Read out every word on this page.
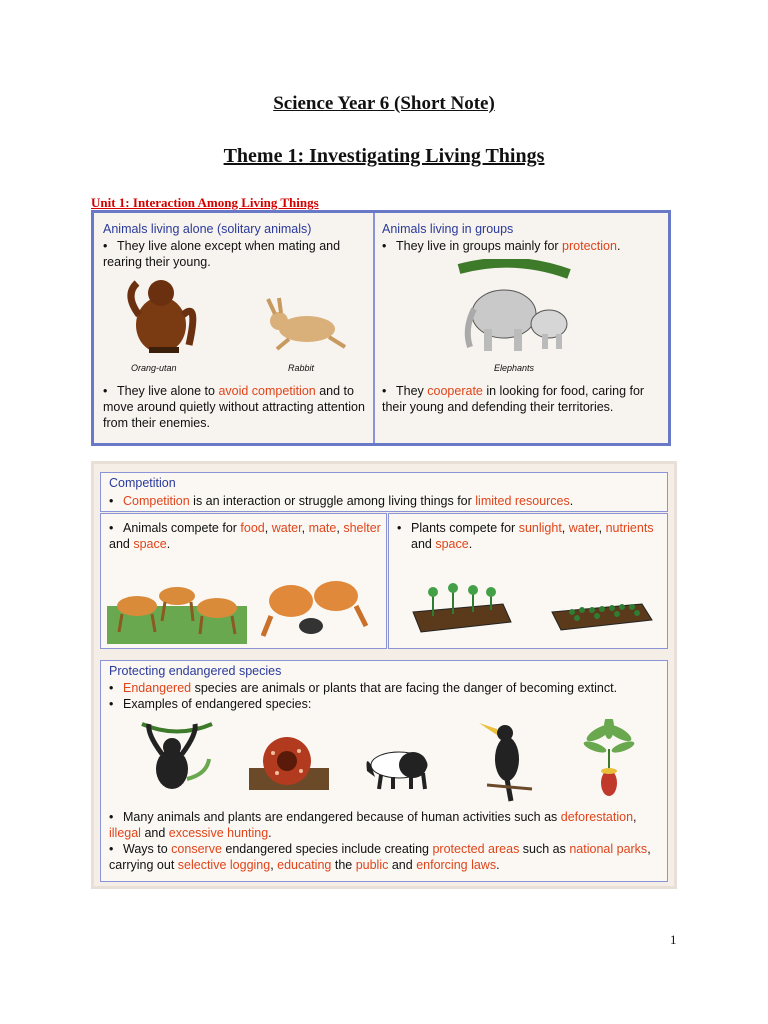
Science Year 6 (Short Note)
Theme 1: Investigating Living Things
Unit 1: Interaction Among Living Things
Animals living alone (solitary animals)
• They live alone except when mating and rearing their young.
Orang-utan	Rabbit
• They live alone to avoid competition and to move around quietly without attracting attention from their enemies.
Animals living in groups
• They live in groups mainly for protection.
Elephants
• They cooperate in looking for food, caring for their young and defending their territories.
Competition
• Competition is an interaction or struggle among living things for limited resources.
• Animals compete for food, water, mate, shelter and space.
• Plants compete for sunlight, water, nutrients
and space.
Protecting endangered species
• Endangered species are animals or plants that are facing the danger of becoming extinct.
• Examples of endangered species:
• Many animals and plants are endangered because of human activities such as deforestation, illegal and excessive hunting.
• Ways to conserve endangered species include creating protected areas such as national parks, carrying out selective logging, educating the public and enforcing laws.
1
